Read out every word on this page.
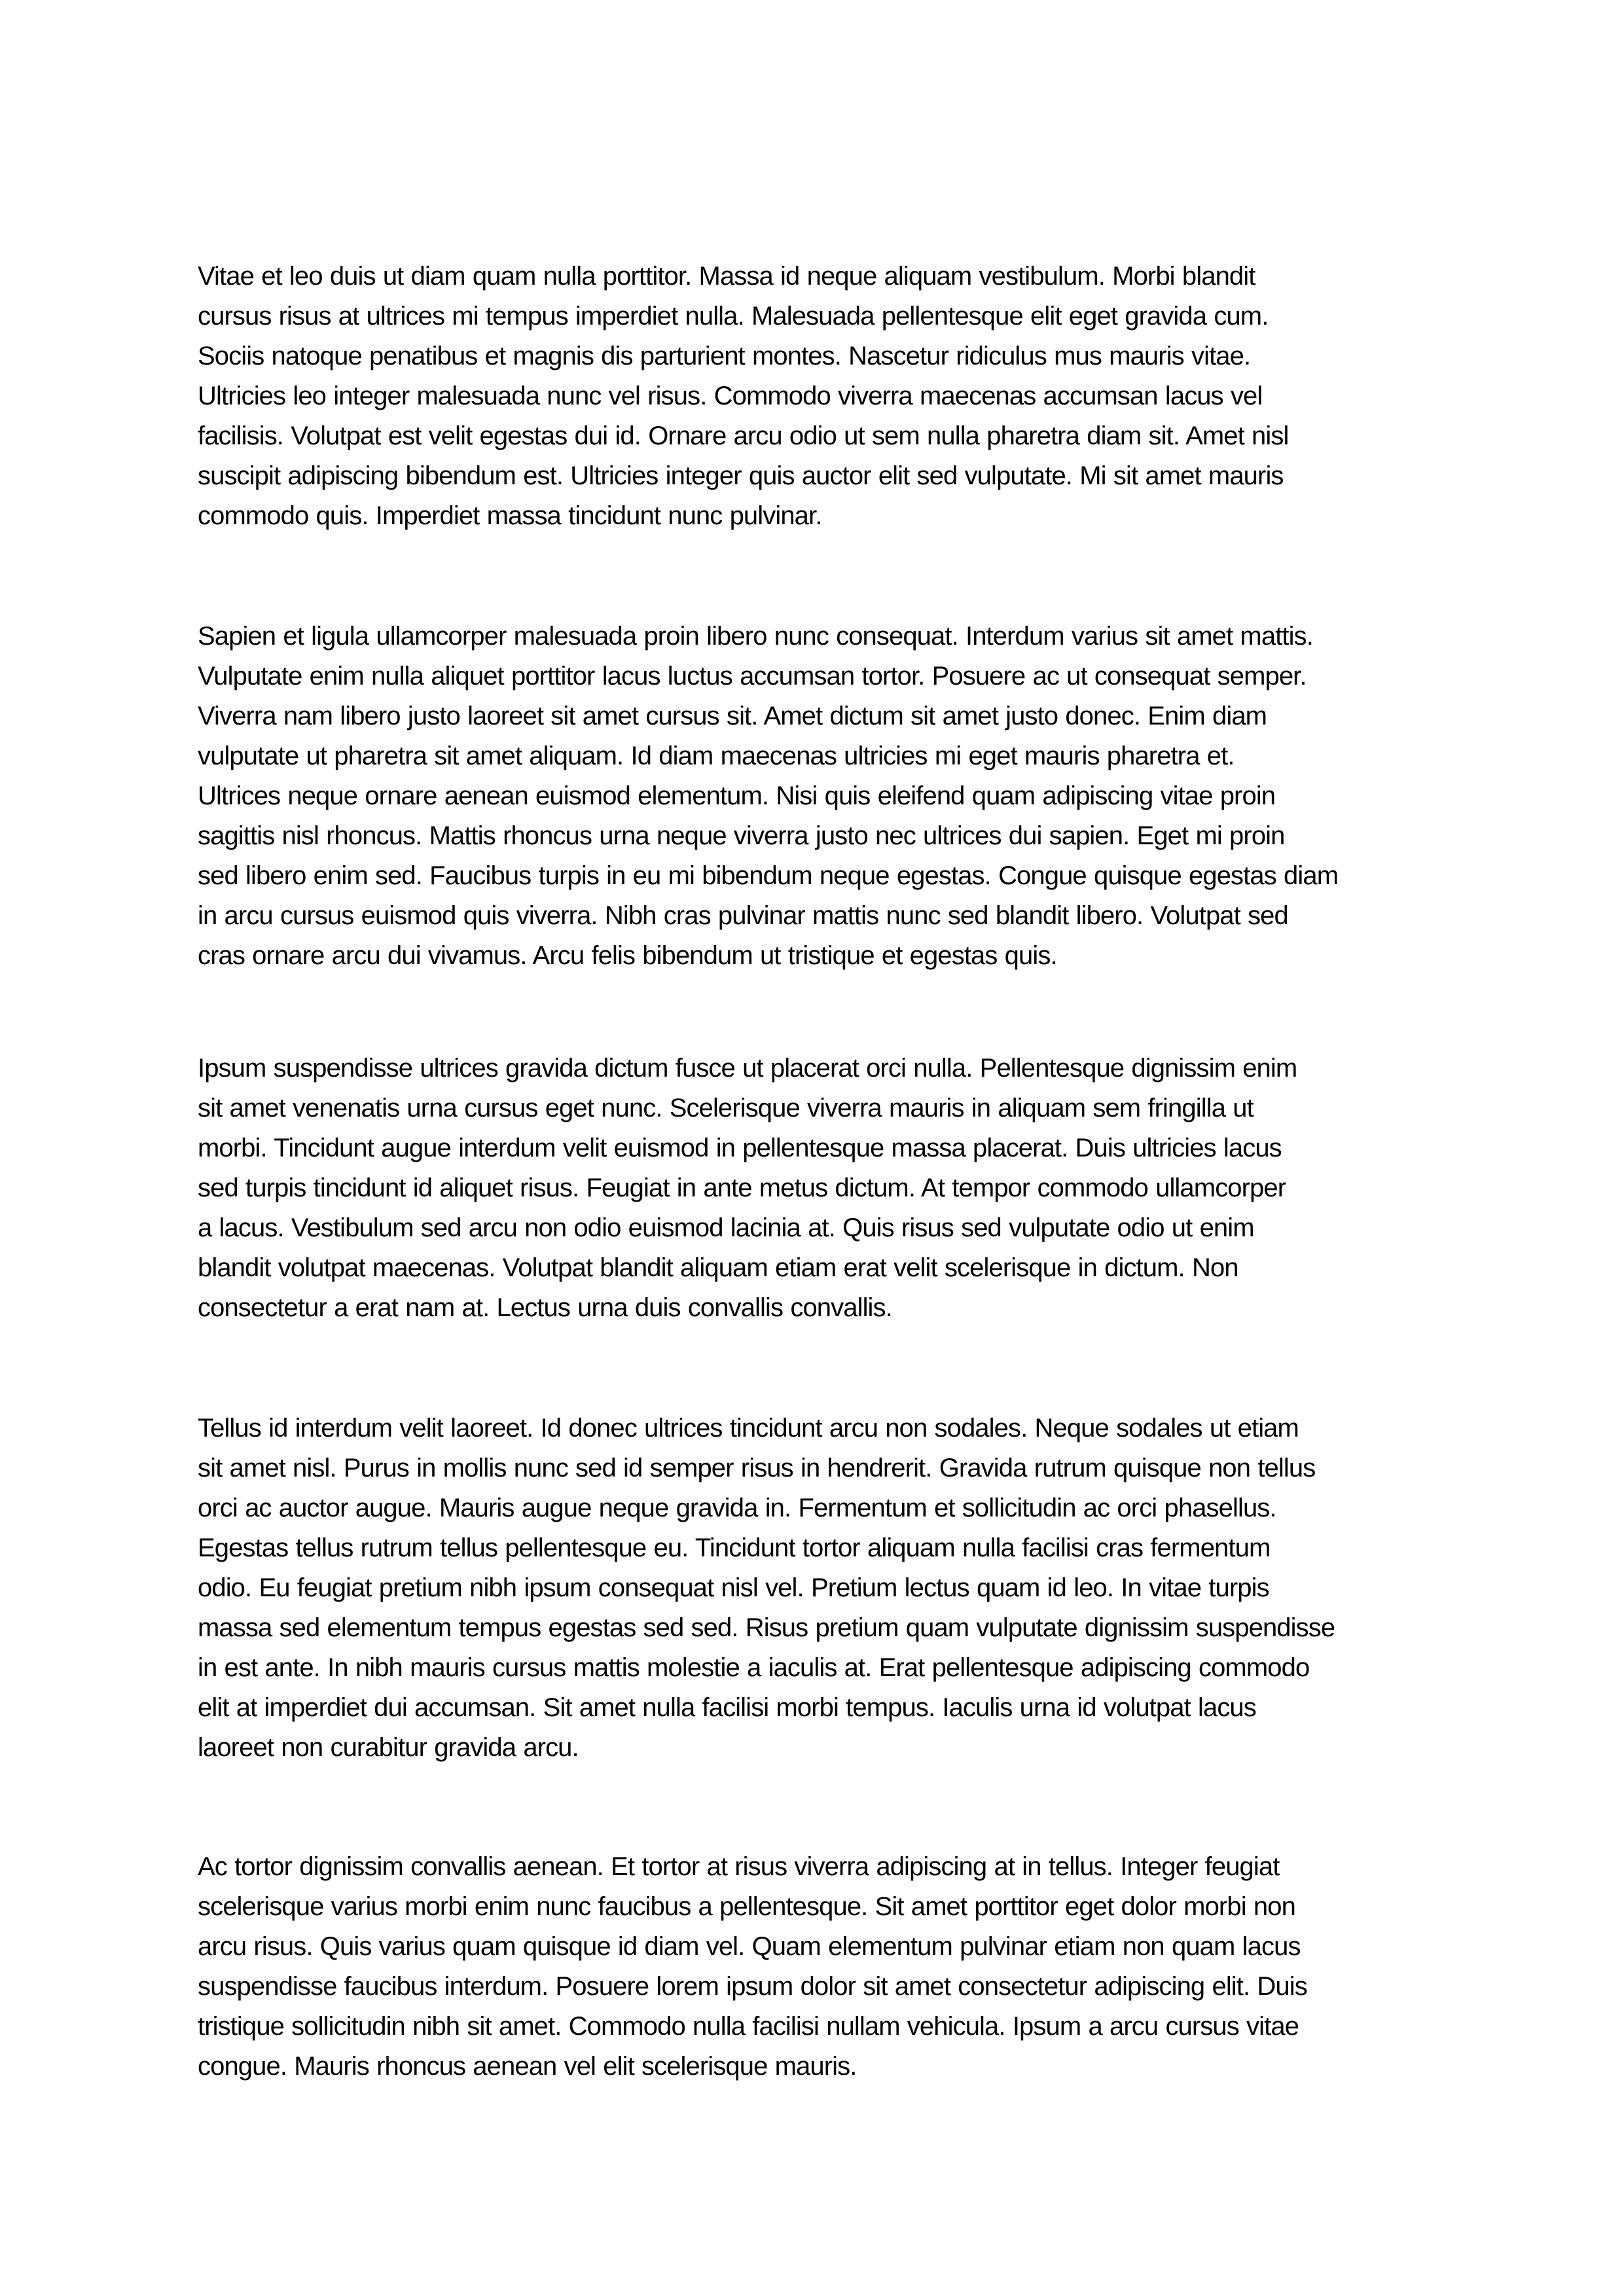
Vitae et leo duis ut diam quam nulla porttitor. Massa id neque aliquam vestibulum. Morbi blandit
cursus risus at ultrices mi tempus imperdiet nulla. Malesuada pellentesque elit eget gravida cum.
Sociis natoque penatibus et magnis dis parturient montes. Nascetur ridiculus mus mauris vitae.
Ultricies leo integer malesuada nunc vel risus. Commodo viverra maecenas accumsan lacus vel
facilisis. Volutpat est velit egestas dui id. Ornare arcu odio ut sem nulla pharetra diam sit. Amet nisl
suscipit adipiscing bibendum est. Ultricies integer quis auctor elit sed vulputate. Mi sit amet mauris
commodo quis. Imperdiet massa tincidunt nunc pulvinar.

Sapien et ligula ullamcorper malesuada proin libero nunc consequat. Interdum varius sit amet mattis.
Vulputate enim nulla aliquet porttitor lacus luctus accumsan tortor. Posuere ac ut consequat semper.
Viverra nam libero justo laoreet sit amet cursus sit. Amet dictum sit amet justo donec. Enim diam
vulputate ut pharetra sit amet aliquam. Id diam maecenas ultricies mi eget mauris pharetra et.
Ultrices neque ornare aenean euismod elementum. Nisi quis eleifend quam adipiscing vitae proin
sagittis nisl rhoncus. Mattis rhoncus urna neque viverra justo nec ultrices dui sapien. Eget mi proin
sed libero enim sed. Faucibus turpis in eu mi bibendum neque egestas. Congue quisque egestas diam
in arcu cursus euismod quis viverra. Nibh cras pulvinar mattis nunc sed blandit libero. Volutpat sed
cras ornare arcu dui vivamus. Arcu felis bibendum ut tristique et egestas quis.

Ipsum suspendisse ultrices gravida dictum fusce ut placerat orci nulla. Pellentesque dignissim enim
sit amet venenatis urna cursus eget nunc. Scelerisque viverra mauris in aliquam sem fringilla ut
morbi. Tincidunt augue interdum velit euismod in pellentesque massa placerat. Duis ultricies lacus
sed turpis tincidunt id aliquet risus. Feugiat in ante metus dictum. At tempor commodo ullamcorper
a lacus. Vestibulum sed arcu non odio euismod lacinia at. Quis risus sed vulputate odio ut enim
blandit volutpat maecenas. Volutpat blandit aliquam etiam erat velit scelerisque in dictum. Non
consectetur a erat nam at. Lectus urna duis convallis convallis.

Tellus id interdum velit laoreet. Id donec ultrices tincidunt arcu non sodales. Neque sodales ut etiam
sit amet nisl. Purus in mollis nunc sed id semper risus in hendrerit. Gravida rutrum quisque non tellus
orci ac auctor augue. Mauris augue neque gravida in. Fermentum et sollicitudin ac orci phasellus.
Egestas tellus rutrum tellus pellentesque eu. Tincidunt tortor aliquam nulla facilisi cras fermentum
odio. Eu feugiat pretium nibh ipsum consequat nisl vel. Pretium lectus quam id leo. In vitae turpis
massa sed elementum tempus egestas sed sed. Risus pretium quam vulputate dignissim suspendisse
in est ante. In nibh mauris cursus mattis molestie a iaculis at. Erat pellentesque adipiscing commodo
elit at imperdiet dui accumsan. Sit amet nulla facilisi morbi tempus. Iaculis urna id volutpat lacus
laoreet non curabitur gravida arcu.

Ac tortor dignissim convallis aenean. Et tortor at risus viverra adipiscing at in tellus. Integer feugiat
scelerisque varius morbi enim nunc faucibus a pellentesque. Sit amet porttitor eget dolor morbi non
arcu risus. Quis varius quam quisque id diam vel. Quam elementum pulvinar etiam non quam lacus
suspendisse faucibus interdum. Posuere lorem ipsum dolor sit amet consectetur adipiscing elit. Duis
tristique sollicitudin nibh sit amet. Commodo nulla facilisi nullam vehicula. Ipsum a arcu cursus vitae
congue. Mauris rhoncus aenean vel elit scelerisque mauris.
